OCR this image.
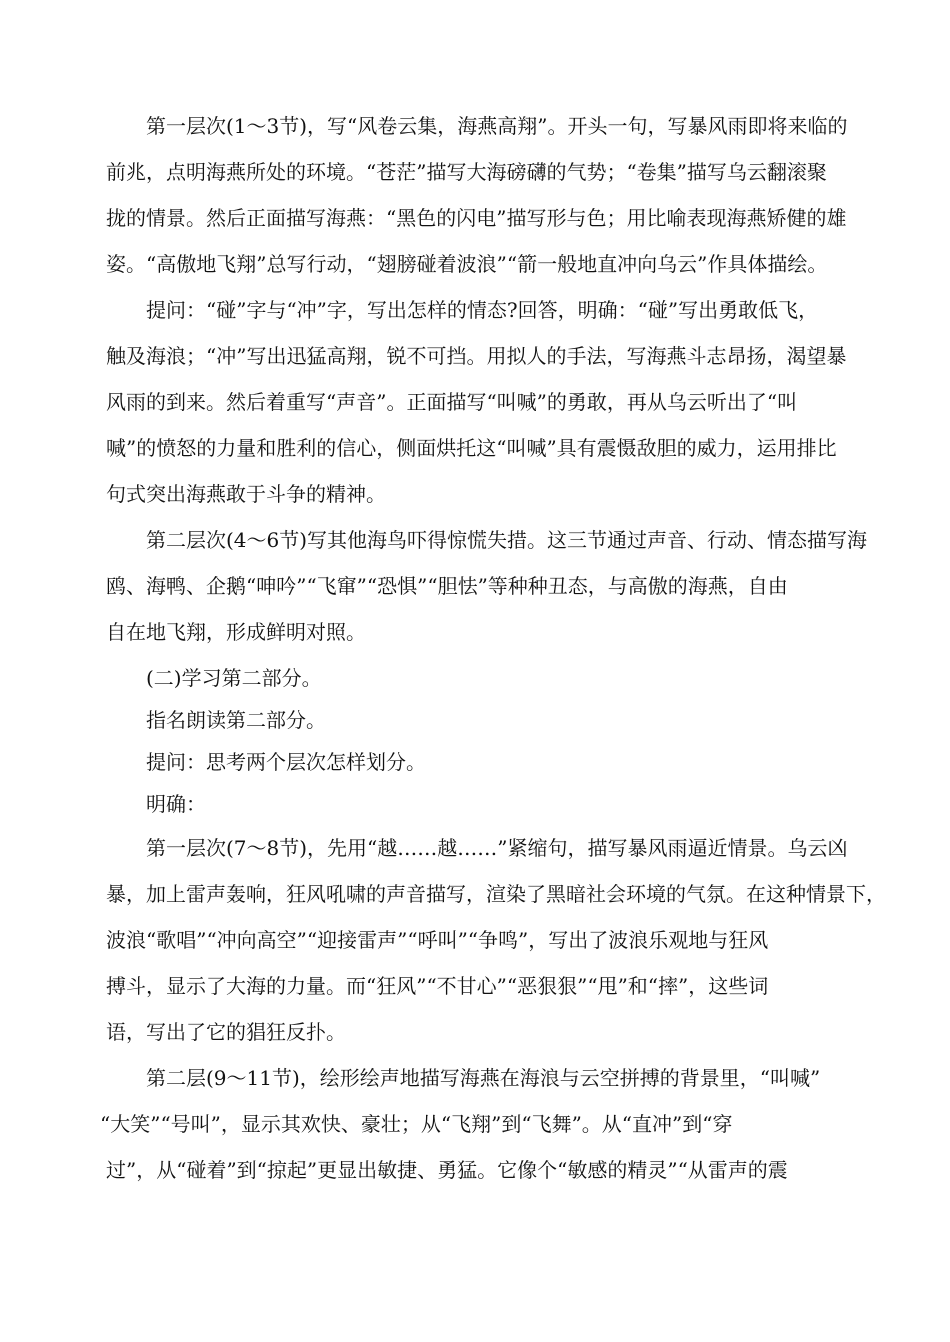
第一层次(1～3节)，写“风卷云集，海燕高翔”。开头一句，写暴风雨即将来临的
前兆，点明海燕所处的环境。“苍茫”描写大海磅礴的气势；“卷集”描写乌云翻滚聚
拢的情景。然后正面描写海燕：“黑色的闪电”描写形与色；用比喻表现海燕矫健的雄
姿。“高傲地飞翔”总写行动，“翅膀碰着波浪”“箭一般地直冲向乌云”作具体描绘。
提问：“碰”字与“冲”字，写出怎样的情态?回答，明确：“碰”写出勇敢低飞，
触及海浪；“冲”写出迅猛高翔，锐不可挡。用拟人的手法，写海燕斗志昂扬，渴望暴
风雨的到来。然后着重写“声音”。正面描写“叫喊”的勇敢，再从乌云听出了“叫
喊”的愤怒的力量和胜利的信心，侧面烘托这“叫喊”具有震慑敌胆的威力，运用排比
句式突出海燕敢于斗争的精神。
第二层次(4～6节)写其他海鸟吓得惊慌失措。这三节通过声音、行动、情态描写海
鸥、海鸭、企鹅“呻吟”“飞窜”“恐惧”“胆怯”等种种丑态，与高傲的海燕，自由
自在地飞翔，形成鲜明对照。
(二)学习第二部分。
指名朗读第二部分。
提问：思考两个层次怎样划分。
明确：
第一层次(7～8节)，先用“越……越……”紧缩句，描写暴风雨逼近情景。乌云凶
暴，加上雷声轰响，狂风吼啸的声音描写，渲染了黑暗社会环境的气氛。在这种情景下，
波浪“歌唱”“冲向高空”“迎接雷声”“呼叫”“争鸣”，写出了波浪乐观地与狂风
搏斗，显示了大海的力量。而“狂风”“不甘心”“恶狠狠”“甩”和“摔”，这些词
语，写出了它的猖狂反扑。
第二层(9～11节)，绘形绘声地描写海燕在海浪与云空拼搏的背景里，“叫喊”
“大笑”“号叫”，显示其欢快、豪壮；从“飞翔”到“飞舞”。从“直冲”到“穿
过”，从“碰着”到“掠起”更显出敏捷、勇猛。它像个“敏感的精灵”“从雷声的震
